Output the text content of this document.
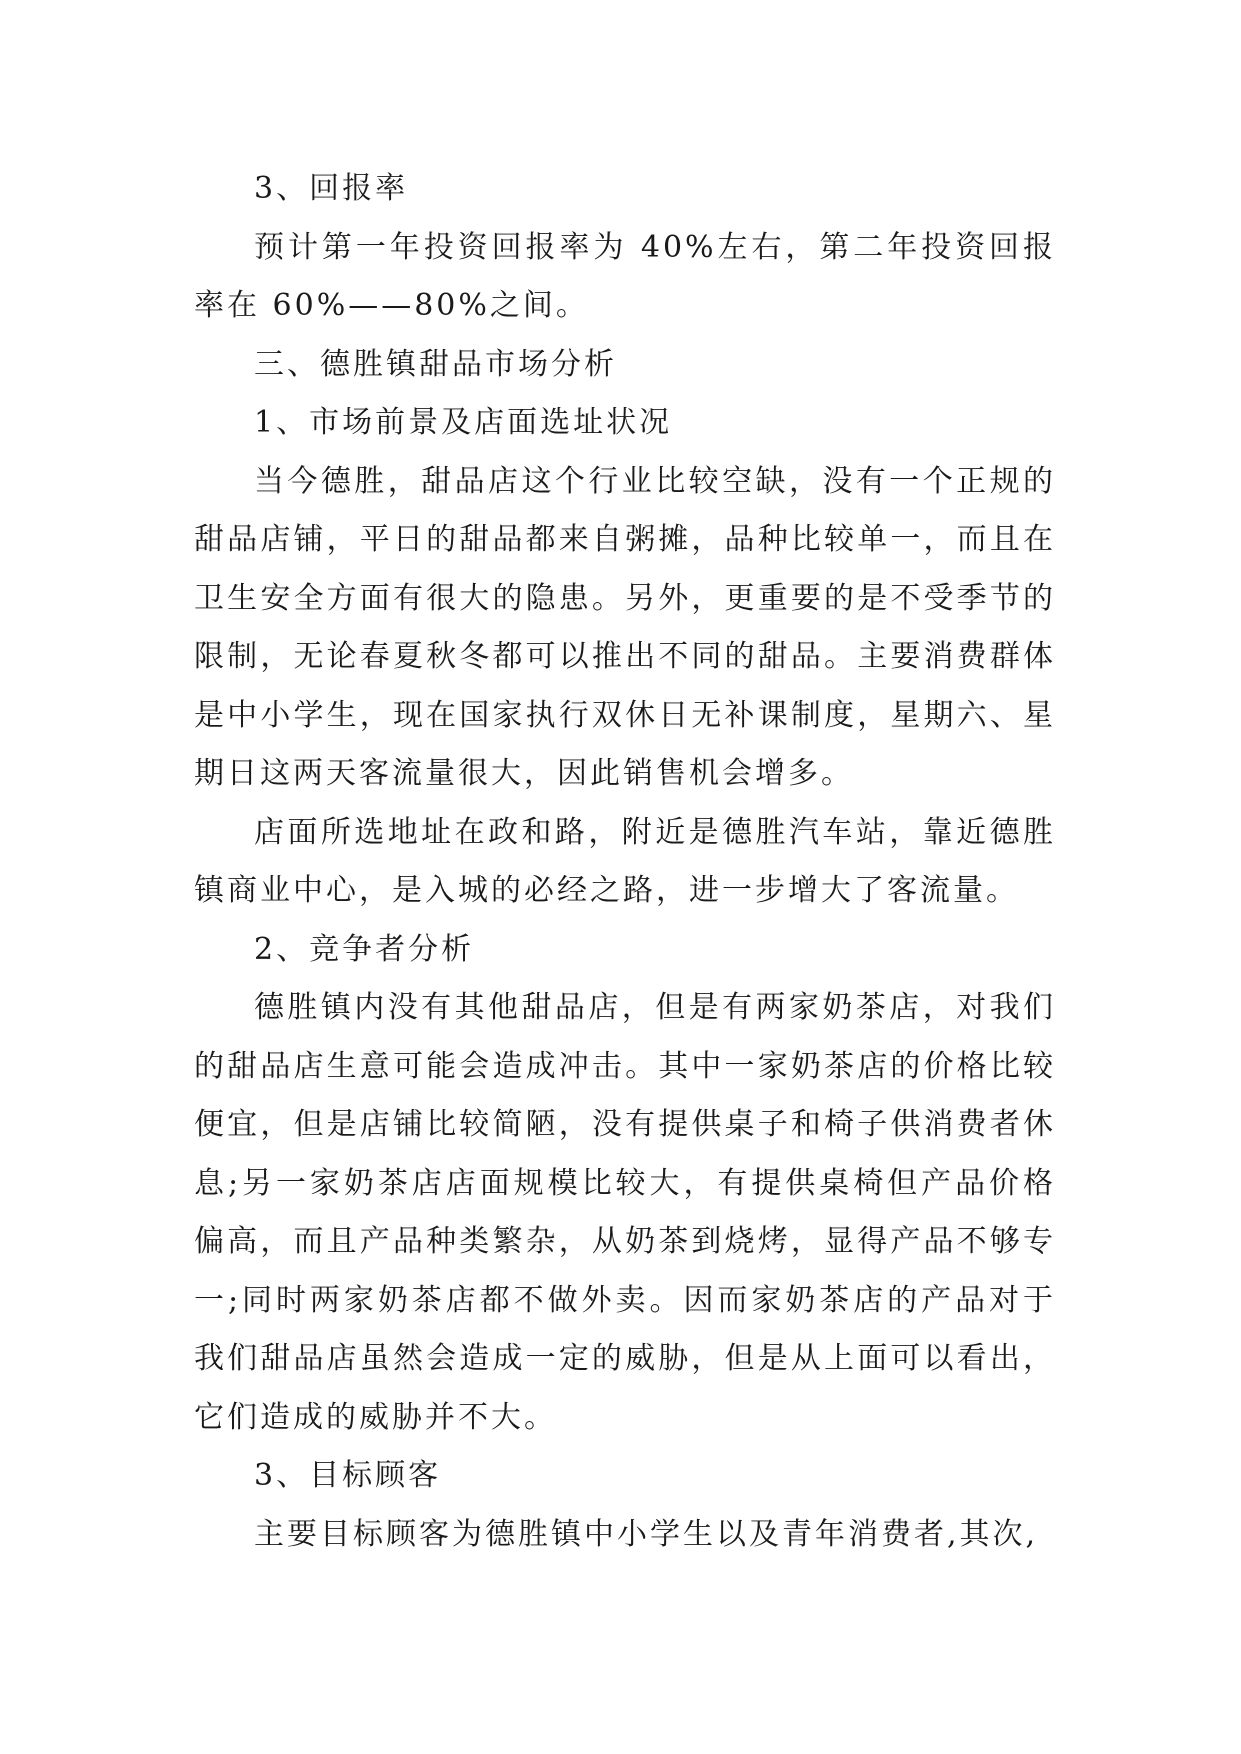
3、回报率

预计第一年投资回报率为 40%左右，第二年投资回报率在 60%——80%之间。

三、德胜镇甜品市场分析

1、市场前景及店面选址状况

当今德胜，甜品店这个行业比较空缺，没有一个正规的甜品店铺，平日的甜品都来自粥摊，品种比较单一，而且在卫生安全方面有很大的隐患。另外，更重要的是不受季节的限制，无论春夏秋冬都可以推出不同的甜品。主要消费群体是中小学生，现在国家执行双休日无补课制度，星期六、星期日这两天客流量很大，因此销售机会增多。

店面所选地址在政和路，附近是德胜汽车站，靠近德胜镇商业中心，是入城的必经之路，进一步增大了客流量。

2、竞争者分析

德胜镇内没有其他甜品店，但是有两家奶茶店，对我们的甜品店生意可能会造成冲击。其中一家奶茶店的价格比较便宜，但是店铺比较简陋，没有提供桌子和椅子供消费者休息;另一家奶茶店店面规模比较大，有提供桌椅但产品价格偏高，而且产品种类繁杂，从奶茶到烧烤，显得产品不够专一;同时两家奶茶店都不做外卖。因而家奶茶店的产品对于我们甜品店虽然会造成一定的威胁，但是从上面可以看出，它们造成的威胁并不大。

3、目标顾客

主要目标顾客为德胜镇中小学生以及青年消费者,其次,
